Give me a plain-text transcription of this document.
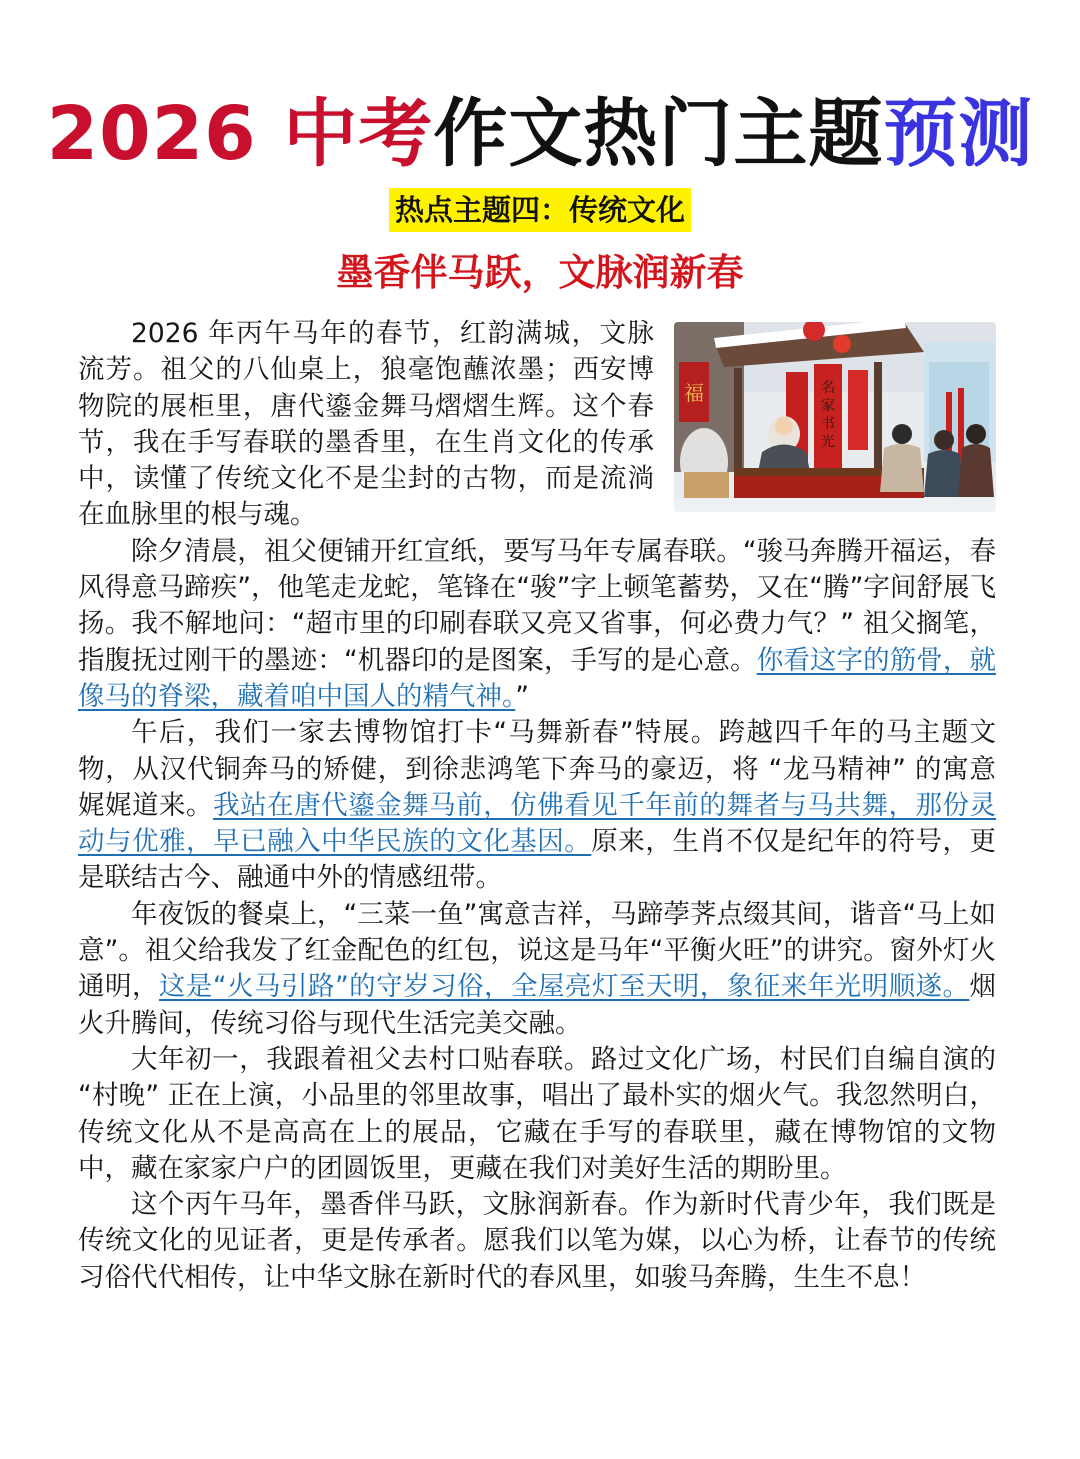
2026 中考作文热门主题预测
热点主题四：传统文化
墨香伴马跃，文脉润新春
福	名
家
书
光

2026 年丙午马年的春节，红韵满城，文脉流芳。祖父的八仙桌上，狼毫饱蘸浓墨；西安博物院的展柜里，唐代鎏金舞马熠熠生辉。这个春节，我在手写春联的墨香里，在生肖文化的传承中，读懂了传统文化不是尘封的古物，而是流淌在血脉里的根与魂。

除夕清晨，祖父便铺开红宣纸，要写马年专属春联。“骏马奔腾开福运，春风得意马蹄疾”，他笔走龙蛇，笔锋在“骏”字上顿笔蓄势，又在“腾”字间舒展飞扬。我不解地问：“超市里的印刷春联又亮又省事，何必费力气？” 祖父搁笔，指腹抚过刚干的墨迹：“机器印的是图案，手写的是心意。你看这字的筋骨，就像马的脊梁，藏着咱中国人的精气神。”

午后，我们一家去博物馆打卡“马舞新春”特展。跨越四千年的马主题文物，从汉代铜奔马的矫健，到徐悲鸿笔下奔马的豪迈，将 “龙马精神” 的寓意娓娓道来。我站在唐代鎏金舞马前，仿佛看见千年前的舞者与马共舞，那份灵动与优雅，早已融入中华民族的文化基因。原来，生肖不仅是纪年的符号，更是联结古今、融通中外的情感纽带。

年夜饭的餐桌上，“三菜一鱼”寓意吉祥，马蹄荸荠点缀其间，谐音“马上如意”。祖父给我发了红金配色的红包，说这是马年“平衡火旺”的讲究。窗外灯火通明，这是“火马引路”的守岁习俗，全屋亮灯至天明，象征来年光明顺遂。烟火升腾间，传统习俗与现代生活完美交融。

大年初一，我跟着祖父去村口贴春联。路过文化广场，村民们自编自演的 “村晚” 正在上演，小品里的邻里故事，唱出了最朴实的烟火气。我忽然明白，传统文化从不是高高在上的展品，它藏在手写的春联里，藏在博物馆的文物中，藏在家家户户的团圆饭里，更藏在我们对美好生活的期盼里。

这个丙午马年，墨香伴马跃，文脉润新春。作为新时代青少年，我们既是传统文化的见证者，更是传承者。愿我们以笔为媒，以心为桥，让春节的传统习俗代代相传，让中华文脉在新时代的春风里，如骏马奔腾，生生不息！
